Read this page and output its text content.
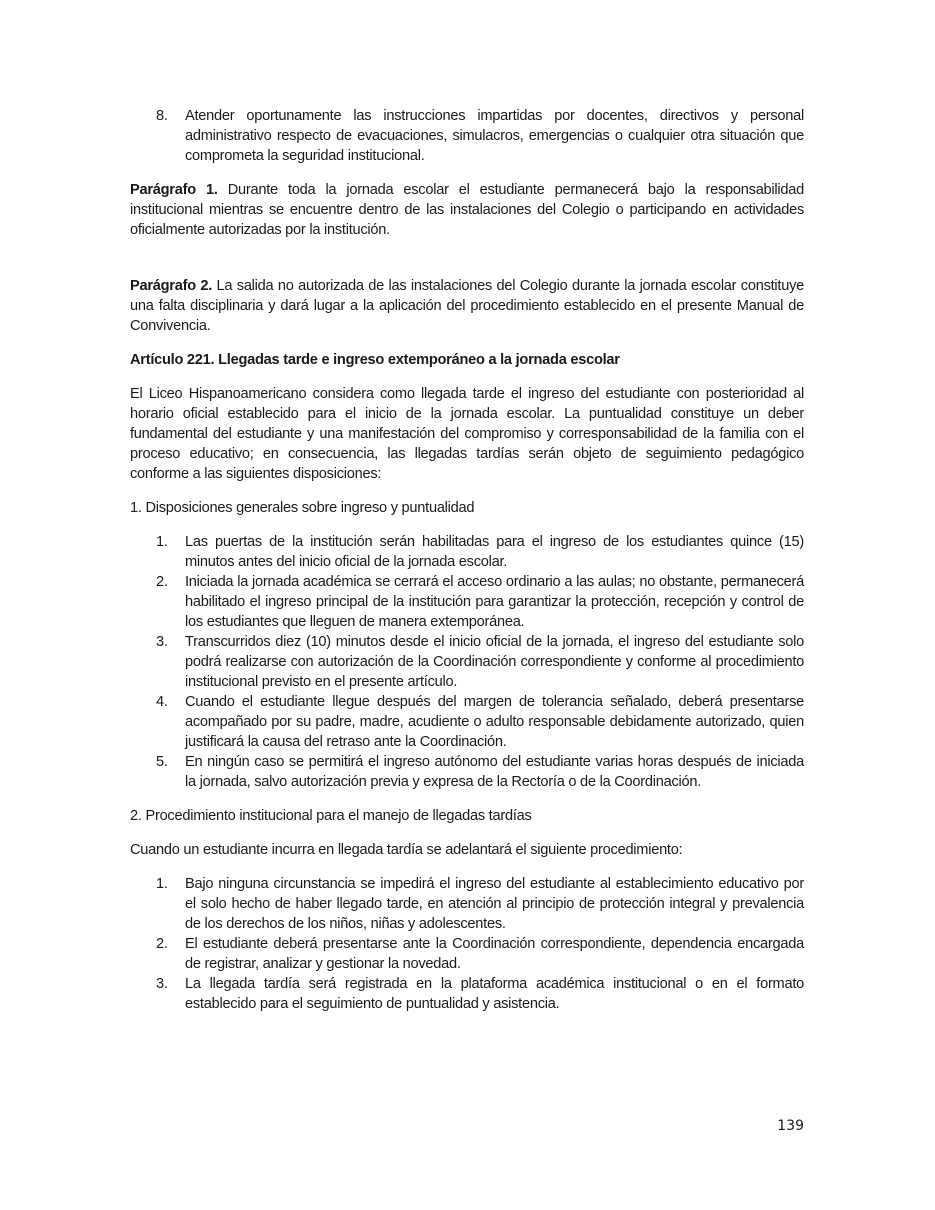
8.	Atender oportunamente las instrucciones impartidas por docentes, directivos y personal administrativo respecto de evacuaciones, simulacros, emergencias o cualquier otra situación que comprometa la seguridad institucional.

Parágrafo 1. Durante toda la jornada escolar el estudiante permanecerá bajo la responsabilidad institucional mientras se encuentre dentro de las instalaciones del Colegio o participando en actividades oficialmente autorizadas por la institución.

Parágrafo 2. La salida no autorizada de las instalaciones del Colegio durante la jornada escolar constituye una falta disciplinaria y dará lugar a la aplicación del procedimiento establecido en el presente Manual de Convivencia.

Artículo 221. Llegadas tarde e ingreso extemporáneo a la jornada escolar

El Liceo Hispanoamericano considera como llegada tarde el ingreso del estudiante con posterioridad al horario oficial establecido para el inicio de la jornada escolar. La puntualidad constituye un deber fundamental del estudiante y una manifestación del compromiso y corresponsabilidad de la familia con el proceso educativo; en consecuencia, las llegadas tardías serán objeto de seguimiento pedagógico conforme a las siguientes disposiciones:

1. Disposiciones generales sobre ingreso y puntualidad

1.	Las puertas de la institución serán habilitadas para el ingreso de los estudiantes quince (15) minutos antes del inicio oficial de la jornada escolar.
2.	Iniciada la jornada académica se cerrará el acceso ordinario a las aulas; no obstante, permanecerá habilitado el ingreso principal de la institución para garantizar la protección, recepción y control de los estudiantes que lleguen de manera extemporánea.
3.	Transcurridos diez (10) minutos desde el inicio oficial de la jornada, el ingreso del estudiante solo podrá realizarse con autorización de la Coordinación correspondiente y conforme al procedimiento institucional previsto en el presente artículo.
4.	Cuando el estudiante llegue después del margen de tolerancia señalado, deberá presentarse acompañado por su padre, madre, acudiente o adulto responsable debidamente autorizado, quien justificará la causa del retraso ante la Coordinación.
5.	En ningún caso se permitirá el ingreso autónomo del estudiante varias horas después de iniciada la jornada, salvo autorización previa y expresa de la Rectoría o de la Coordinación.

2. Procedimiento institucional para el manejo de llegadas tardías

Cuando un estudiante incurra en llegada tardía se adelantará el siguiente procedimiento:

1.	Bajo ninguna circunstancia se impedirá el ingreso del estudiante al establecimiento educativo por el solo hecho de haber llegado tarde, en atención al principio de protección integral y prevalencia de los derechos de los niños, niñas y adolescentes.
2.	El estudiante deberá presentarse ante la Coordinación correspondiente, dependencia encargada de registrar, analizar y gestionar la novedad.
3.	La llegada tardía será registrada en la plataforma académica institucional o en el formato establecido para el seguimiento de puntualidad y asistencia.
139
